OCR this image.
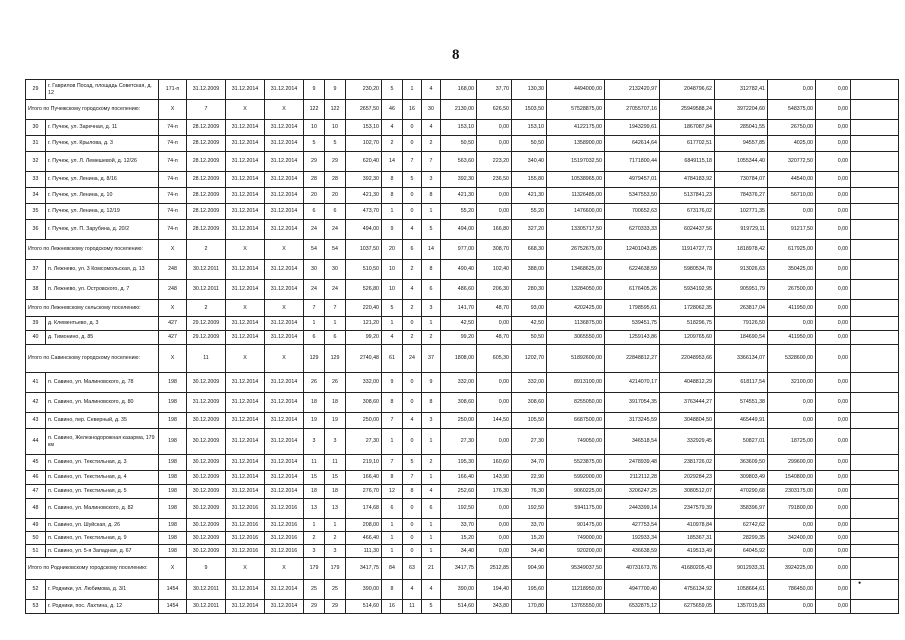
8
29	г. Гаврилов Посад, площадь Советская, д. 12	171-п	31.12.2009	31.12.2014	31.12.2014	9	9	230,20	5	1	4	168,00	37,70	130,30	4494000,00	2132420,97	2048796,62	312782,41	0,00	0,00	
Итого по Пучежскому городскому поселению:		X	7	X	X	122	122	2657,50	46	16	30	2130,00	626,50	1503,50	57528875,00	27055707,16	25949588,24	3972204,60	548375,00	0,00	
30	г. Пучеж, ул. Заречная, д. 11	74-п	28.12.2009	31.12.2014	31.12.2014	10	10	153,10	4	0	4	153,10	0,00	153,10	4122175,00	1943299,61	1867087,84	285041,55	26750,00	0,00	
31	г. Пучеж, ул. Крылова, д. 3	74-п	28.12.2009	31.12.2014	31.12.2014	5	5	102,70	2	0	2	50,50	0,00	50,50	1358900,00	642614,64	617702,51	94557,85	4025,00	0,00	
32	г. Пучеж, ул. Л. Лемешевой, д. 12/26	74-п	28.12.2009	31.12.2014	31.12.2014	29	29	620,40	14	7	7	563,60	223,20	340,40	15197032,50	7171800,44	6849115,18	1055344,40	320772,50	0,00	
33	г. Пучеж, ул. Ленина, д. 8/16	74-п	28.12.2009	31.12.2014	31.12.2014	28	28	392,30	8	5	3	392,30	236,50	155,80	10538965,00	4979457,01	4784183,92	730784,07	44540,00	0,00	
34	г. Пучеж, ул. Ленина, д. 10	74-п	28.12.2009	31.12.2014	31.12.2014	20	20	421,30	8	0	8	421,30	0,00	421,30	11326485,00	5347553,50	5137841,23	784376,27	56710,00	0,00	
35	г. Пучеж, ул. Ленина, д. 12/19	74-п	28.12.2009	31.12.2014	31.12.2014	6	6	473,70	1	0	1	55,20	0,00	55,20	1476600,00	700652,63	673176,02	102771,35	0,00	0,00	
36	г. Пучеж, ул. П. Зарубина, д. 20/2	74-п	28.12.2009	31.12.2014	31.12.2014	24	24	494,00	9	4	5	494,00	166,80	327,20	13305717,50	6270333,33	6024437,56	919729,11	91217,50	0,00	
Итого по Лежневскому городскому поселению:		X	2	X	X	54	54	1037,50	20	6	14	977,00	308,70	668,30	26752675,00	12401043,85	11914727,73	1818978,42	617925,00	0,00	
37	п. Лежнево, ул. 3 Комсомольская, д. 13	248	30.12.2011	31.12.2014	31.12.2014	30	30	510,50	10	2	8	490,40	102,40	388,00	13468625,00	6224638,59	5980534,78	913026,63	350425,00	0,00	
38	п. Лежнево, ул. Островского, д. 7	248	30.12.2011	31.12.2014	31.12.2014	24	24	526,80	10	4	6	486,60	206,30	280,30	13284050,00	6176405,26	5934192,95	905951,79	267500,00	0,00	
Итого по Лежневскому сельскому поселению:		X	2	X	X	7	7	220,40	5	2	3	141,70	48,70	93,00	4202425,00	1798595,61	1728062,35	263817,04	411950,00	0,00	
39	д. Клементьево, д. 3	427	29.12.2009	31.12.2014	31.12.2014	1	1	121,20	1	0	1	42,50	0,00	42,50	1136875,00	539451,75	518296,75	79126,50	0,00	0,00	
40	д. Тимонино, д. 85	427	29.12.2009	31.12.2014	31.12.2014	6	6	99,20	4	2	2	99,20	48,70	50,50	3065550,00	1259143,86	1209765,60	184690,54	411950,00	0,00	
Итого по Савинскому городскому поселению:		X	11	X	X	129	129	2740,48	61	24	37	1808,00	605,30	1202,70	51892600,00	22848812,27	22048953,66	3366134,07	5328600,00	0,00	
41	п. Савино, ул. Малиновского, д. 78	198	30.12.2009	31.12.2014	31.12.2014	26	26	332,00	9	0	9	332,00	0,00	332,00	8913100,00	4214070,17	4048812,29	618117,54	32100,00	0,00	
42	п. Савино, ул. Малиновского, д. 80	198	31.12.2009	31.12.2014	31.12.2014	18	18	308,60	8	0	8	308,60	0,00	308,60	8255050,00	3917054,35	3763444,27	574551,38	0,00	0,00	
43	п. Савино, пер. Северный, д. 35	198	30.12.2009	31.12.2014	31.12.2014	19	19	250,00	7	4	3	250,00	144,50	105,50	6687500,00	3173245,59	3048804,50	465449,91	0,00	0,00	
44	п. Савино, Железнодорожная казарма, 179 км	198	30.12.2009	31.12.2014	31.12.2014	3	3	27,30	1	0	1	27,30	0,00	27,30	749050,00	346518,54	332929,45	50827,01	18725,00	0,00	
45	п. Савино, ул. Текстильная, д. 3	198	30.12.2009	31.12.2014	31.12.2014	11	11	219,10	7	5	2	195,30	160,60	34,70	5523875,00	2478939,48	2381726,02	363609,50	299600,00	0,00	
46	п. Савино, ул. Текстильная, д. 4	198	30.12.2009	31.12.2014	31.12.2014	15	15	166,40	8	7	1	166,40	143,90	22,90	5992000,00	2112112,28	2029284,23	309803,49	1540800,00	0,00	
47	п. Савино, ул. Текстильная, д. 5	198	30.12.2009	31.12.2014	31.12.2014	18	18	276,70	12	8	4	252,60	176,30	76,30	9060225,00	3206247,25	3080512,07	470290,68	2303175,00	0,00	
48	п. Савино, ул. Малиновского, д. 82	198	30.12.2009	31.12.2016	31.12.2016	13	13	174,68	6	0	6	192,50	0,00	192,50	5941175,00	2443399,14	2347579,39	358396,97	791800,00	0,00	
49	п. Савино, ул. Шуйская, д. 26	198	30.12.2009	31.12.2016	31.12.2016	1	1	208,00	1	0	1	33,70	0,00	33,70	901475,00	427753,54	410978,84	62742,62	0,00	0,00	
50	п. Савино, ул. Текстильная, д. 9	198	30.12.2009	31.12.2016	31.12.2016	2	2	466,40	1	0	1	15,20	0,00	15,20	749000,00	192933,34	185367,31	28299,35	342400,00	0,00	
51	п. Савино, ул. 5-я Западная, д. 67	198	30.12.2009	31.12.2016	31.12.2016	3	3	111,30	1	0	1	34,40	0,00	34,40	920200,00	436638,59	419513,49	64045,92	0,00	0,00	
Итого по Родниковскому городскому поселению:		X	9	X	X	179	179	3417,75	84	63	21	3417,75	2512,85	904,90	95349037,50	40731673,76	41680205,43	9012933,31	3924225,00	0,00	
52	г. Родники, ул. Любимова, д. 3/1	1454	30.12.2011	31.12.2014	31.12.2014	25	25	390,00	8	4	4	390,00	194,40	195,60	11218950,00	4947700,40	4756134,92	1058664,61	786450,00	0,00	
53	г. Родники, пос. Лахтина, д. 12	1454	30.12.2011	31.12.2014	31.12.2014	29	29	514,60	16	11	5	514,60	343,80	170,80	13765550,00	6532875,12	6275659,05	1357015,83	0,00	0,00	
•
